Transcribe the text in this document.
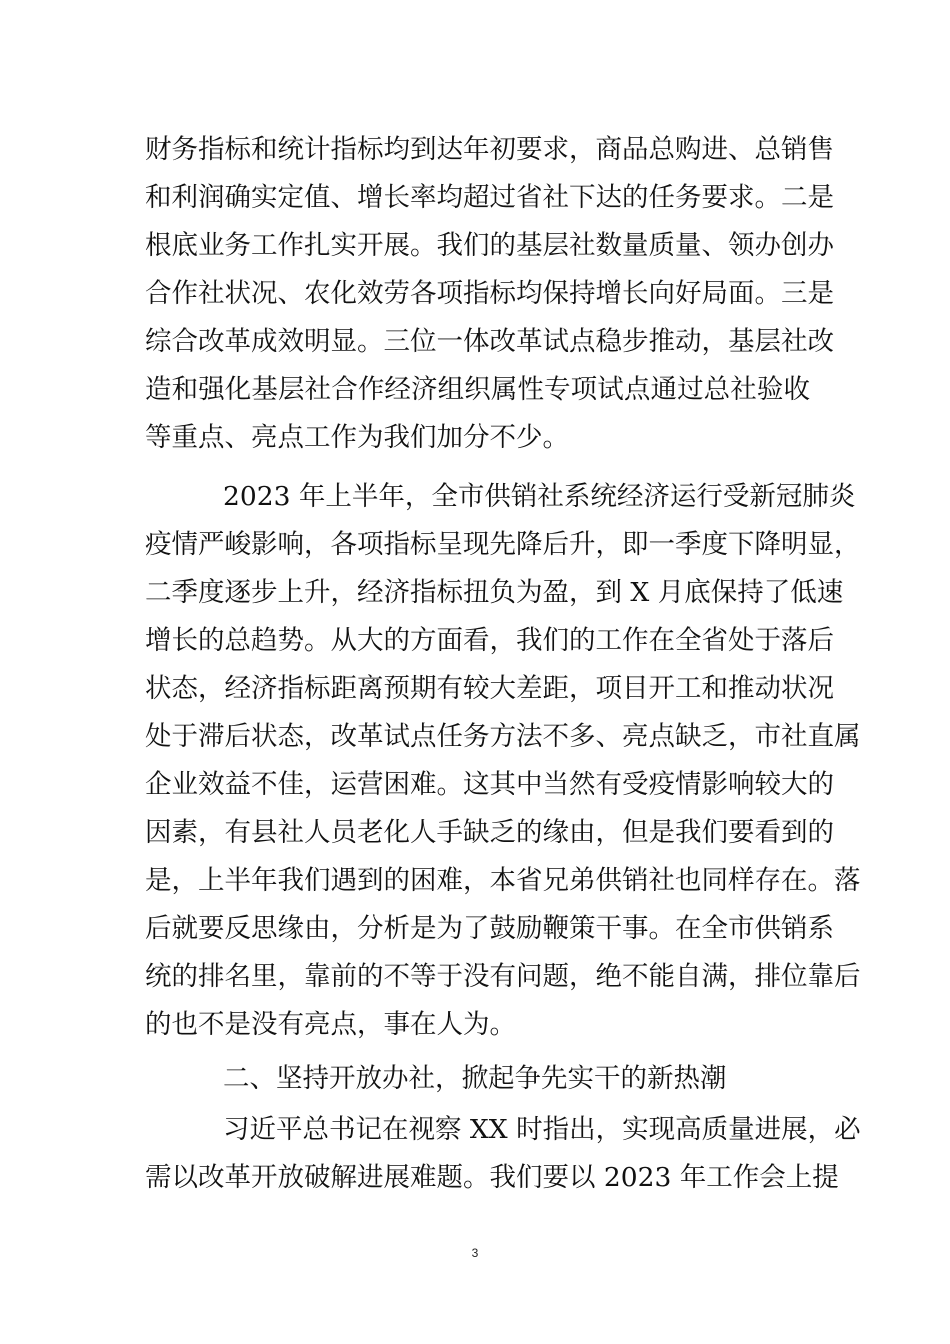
财务指标和统计指标均到达年初要求，商品总购进、总销售
和利润确实定值、增长率均超过省社下达的任务要求。二是
根底业务工作扎实开展。我们的基层社数量质量、领办创办
合作社状况、农化效劳各项指标均保持增长向好局面。三是
综合改革成效明显。三位一体改革试点稳步推动，基层社改
造和强化基层社合作经济组织属性专项试点通过总社验收
等重点、亮点工作为我们加分不少。
2023 年上半年，全市供销社系统经济运行受新冠肺炎
疫情严峻影响，各项指标呈现先降后升，即一季度下降明显，
二季度逐步上升，经济指标扭负为盈，到 X 月底保持了低速
增长的总趋势。从大的方面看，我们的工作在全省处于落后
状态，经济指标距离预期有较大差距，项目开工和推动状况
处于滞后状态，改革试点任务方法不多、亮点缺乏，市社直属
企业效益不佳，运营困难。这其中当然有受疫情影响较大的
因素，有县社人员老化人手缺乏的缘由，但是我们要看到的
是，上半年我们遇到的困难，本省兄弟供销社也同样存在。落
后就要反思缘由，分析是为了鼓励鞭策干事。在全市供销系
统的排名里，靠前的不等于没有问题，绝不能自满，排位靠后
的也不是没有亮点，事在人为。
二、坚持开放办社，掀起争先实干的新热潮
习近平总书记在视察 XX 时指出，实现高质量进展，必
需以改革开放破解进展难题。我们要以 2023 年工作会上提
3
